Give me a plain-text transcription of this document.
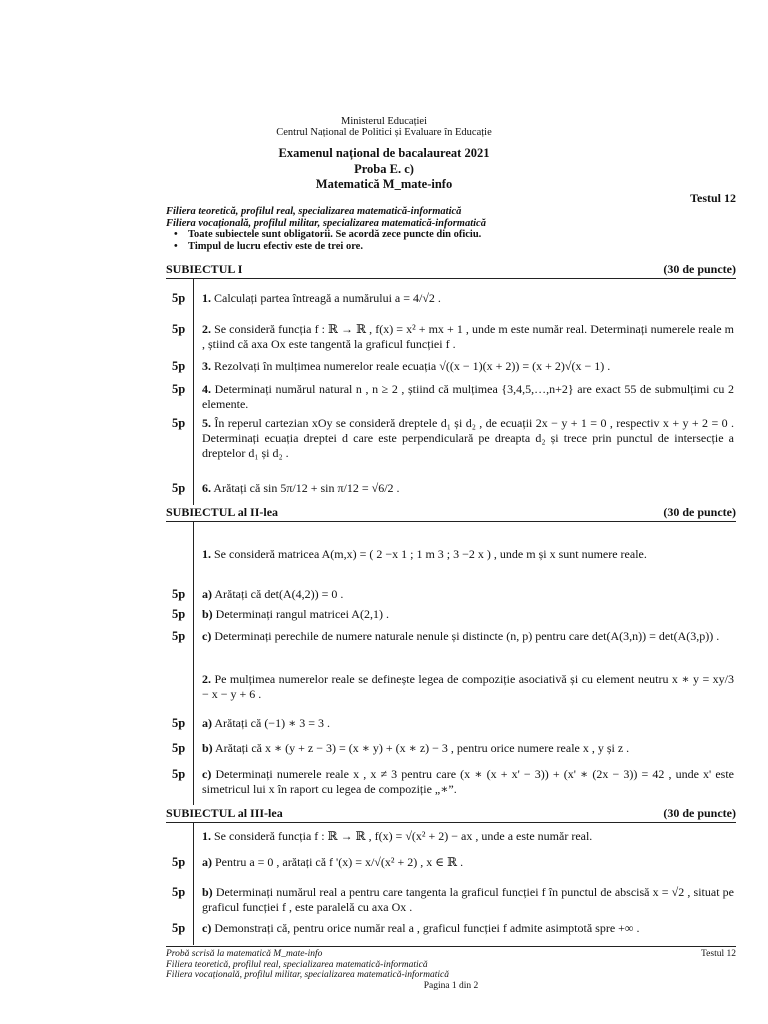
Ministerul Educației
Centrul Național de Politici și Evaluare în Educație
Examenul național de bacalaureat 2021
Proba E. c)
Matematică M_mate-info
Testul 12
Filiera teoretică, profilul real, specializarea matematică-informatică
Filiera vocațională, profilul militar, specializarea matematică-informatică
• Toate subiectele sunt obligatorii. Se acordă zece puncte din oficiu.
• Timpul de lucru efectiv este de trei ore.
SUBIECTUL I	(30 de puncte)
5p 1. Calculați partea întreagă a numărului a = 4/√2 .
5p 2. Se consideră funcția f : ℝ → ℝ , f(x) = x² + mx + 1 , unde m este număr real. Determinați numerele reale m , știind că axa Ox este tangentă la graficul funcției f .
5p 3. Rezolvați în mulțimea numerelor reale ecuația √((x − 1)(x + 2)) = (x + 2)√(x − 1) .
5p 4. Determinați numărul natural n , n ≥ 2 , știind că mulțimea {3,4,5,…,n+2} are exact 55 de submulțimi cu 2 elemente.
5p 5. În reperul cartezian xOy se consideră dreptele d₁ și d₂ , de ecuații 2x − y + 1 = 0 , respectiv x + y + 2 = 0 . Determinați ecuația dreptei d care este perpendiculară pe dreapta d₂ și trece prin punctul de intersecție a dreptelor d₁ și d₂ .
5p 6. Arătați că sin 5π/12 + sin π/12 = √6/2 .
SUBIECTUL al II-lea	(30 de puncte)
1. Se consideră matricea A(m,x) = ( 2 −x 1 ; 1 m 3 ; 3 −2 x ) , unde m și x sunt numere reale.
5p a) Arătați că det(A(4,2)) = 0 .
5p b) Determinați rangul matricei A(2,1) .
5p c) Determinați perechile de numere naturale nenule și distincte (n, p) pentru care det(A(3,n)) = det(A(3,p)) .
2. Pe mulțimea numerelor reale se definește legea de compoziție asociativă și cu element neutru x ∗ y = xy/3 − x − y + 6 .
5p a) Arătați că (−1) ∗ 3 = 3 .
5p b) Arătați că x ∗ (y + z − 3) = (x ∗ y) + (x ∗ z) − 3 , pentru orice numere reale x , y și z .
5p c) Determinați numerele reale x , x ≠ 3 pentru care (x ∗ (x + x' − 3)) + (x' ∗ (2x − 3)) = 42 , unde x' este simetricul lui x în raport cu legea de compoziție „∗”.
SUBIECTUL al III-lea	(30 de puncte)
1. Se consideră funcția f : ℝ → ℝ , f(x) = √(x² + 2) − ax , unde a este număr real.
5p a) Pentru a = 0 , arătați că f '(x) = x/√(x² + 2) , x ∈ ℝ .
5p b) Determinați numărul real a pentru care tangenta la graficul funcției f în punctul de abscisă x = √2 , situat pe graficul funcției f , este paralelă cu axa Ox .
5p c) Demonstrați că, pentru orice număr real a , graficul funcției f admite asimptotă spre +∞ .
Probă scrisă la matematică M_mate-info	Testul 12
Filiera teoretică, profilul real, specializarea matematică-informatică
Filiera vocațională, profilul militar, specializarea matematică-informatică
Pagina 1 din 2
